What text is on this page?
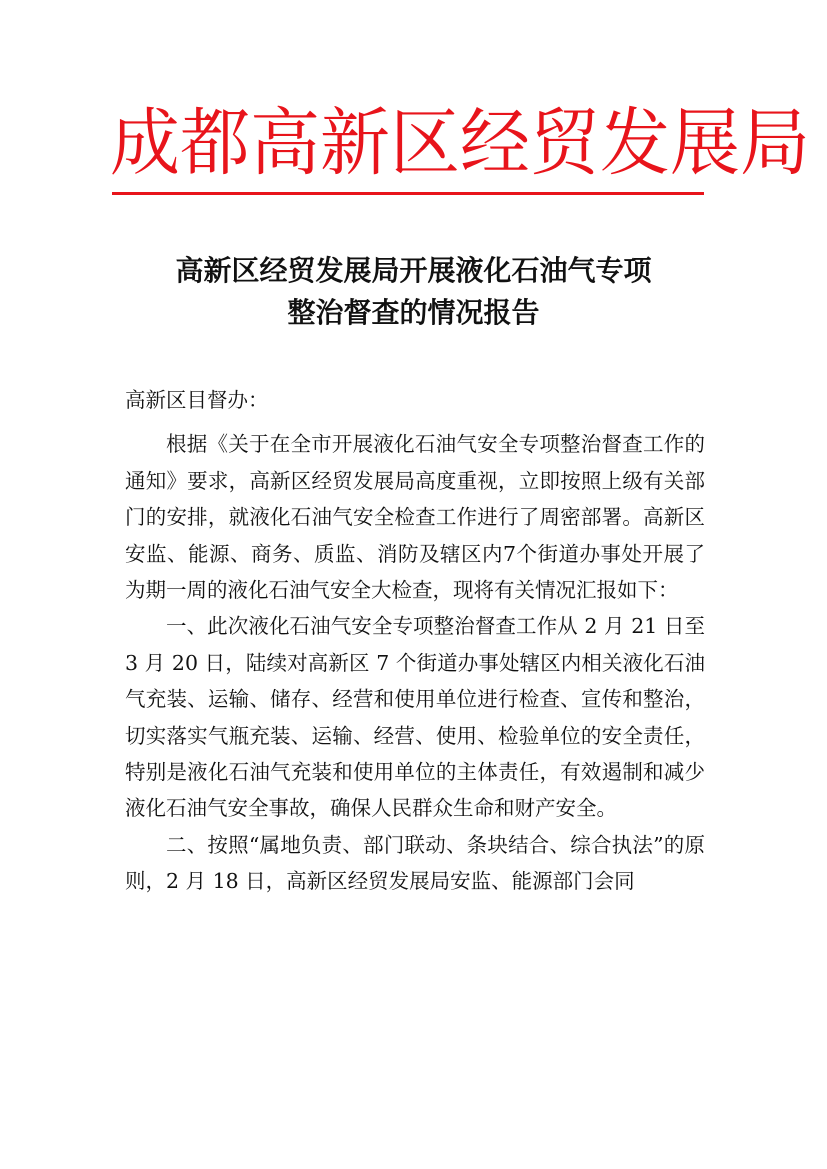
成都高新区经贸发展局
高新区经贸发展局开展液化石油气专项
整治督查的情况报告

高新区目督办：

根据《关于在全市开展液化石油气安全专项整治督查工作的通知》要求，高新区经贸发展局高度重视，立即按照上级有关部门的安排，就液化石油气安全检查工作进行了周密部署。高新区安监、能源、商务、质监、消防及辖区内7个街道办事处开展了为期一周的液化石油气安全大检查，现将有关情况汇报如下：

一、此次液化石油气安全专项整治督查工作从 2 月 21 日至 3 月 20 日，陆续对高新区 7 个街道办事处辖区内相关液化石油气充装、运输、储存、经营和使用单位进行检查、宣传和整治，切实落实气瓶充装、运输、经营、使用、检验单位的安全责任，特别是液化石油气充装和使用单位的主体责任，有效遏制和减少液化石油气安全事故，确保人民群众生命和财产安全。

二、按照“属地负责、部门联动、条块结合、综合执法”的原则，2 月 18 日，高新区经贸发展局安监、能源部门会同
